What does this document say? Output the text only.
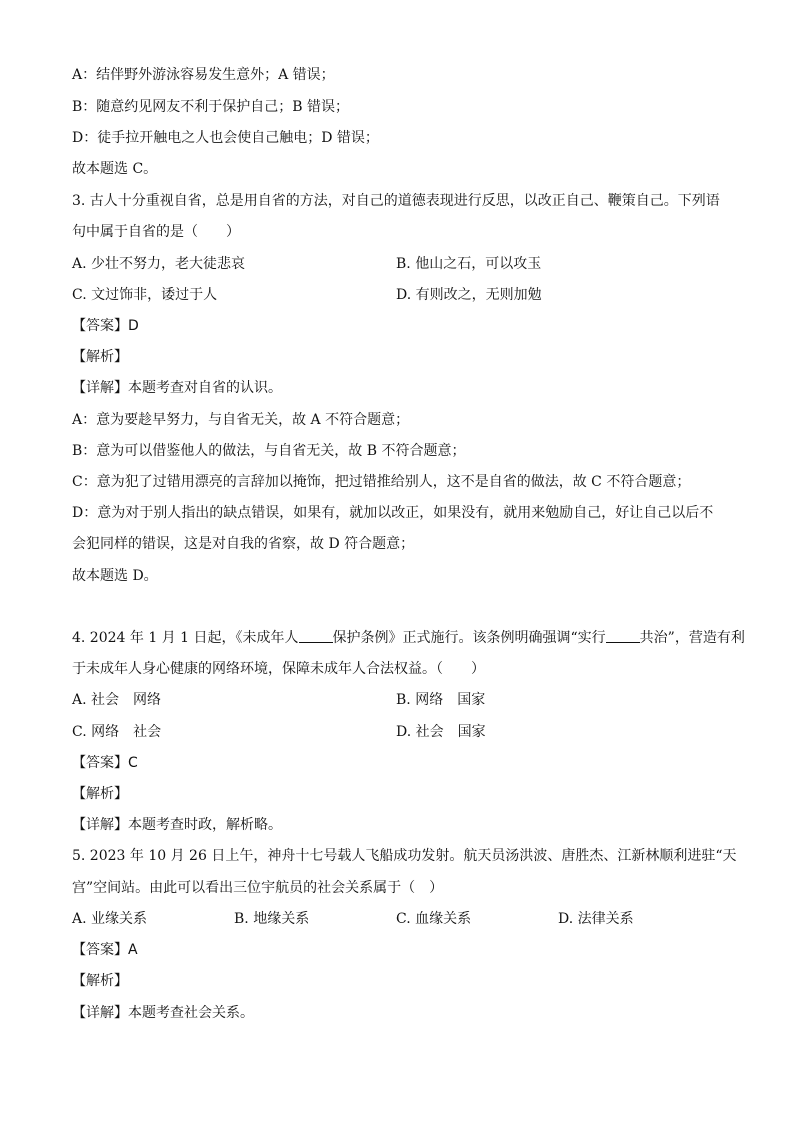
A：结伴野外游泳容易发生意外；A 错误；
B：随意约见网友不利于保护自己；B 错误；
D：徒手拉开触电之人也会使自己触电；D 错误；
故本题选 C。
3. 古人十分重视自省，总是用自省的方法，对自己的道德表现进行反思，以改正自己、鞭策自己。下列语
句中属于自省的是（　　）
A. 少壮不努力，老大徒悲哀	B. 他山之石，可以攻玉
C. 文过饰非，诿过于人	D. 有则改之，无则加勉
【答案】D
【解析】
【详解】本题考查对自省的认识。
A：意为要趁早努力，与自省无关，故 A 不符合题意；
B：意为可以借鉴他人的做法，与自省无关，故 B 不符合题意；
C：意为犯了过错用漂亮的言辞加以掩饰，把过错推给别人，这不是自省的做法，故 C 不符合题意；
D：意为对于别人指出的缺点错误，如果有，就加以改正，如果没有，就用来勉励自己，好让自己以后不
会犯同样的错误，这是对自我的省察，故 D 符合题意；
故本题选 D。
4. 2024 年 1 月 1 日起，《未成年人 保护条例》正式施行。该条例明确强调“实行 共治”，营造有利
于未成年人身心健康的网络环境，保障未成年人合法权益。（　　）
A. 社会　网络	B. 网络　国家
C. 网络　社会	D. 社会　国家
【答案】C
【解析】
【详解】本题考查时政，解析略。
5. 2023 年 10 月 26 日上午，神舟十七号载人飞船成功发射。航天员汤洪波、唐胜杰、江新林顺利进驻“天
宫”空间站。由此可以看出三位宇航员的社会关系属于（　）
A. 业缘关系	B. 地缘关系	C. 血缘关系	D. 法律关系
【答案】A
【解析】
【详解】本题考查社会关系。
